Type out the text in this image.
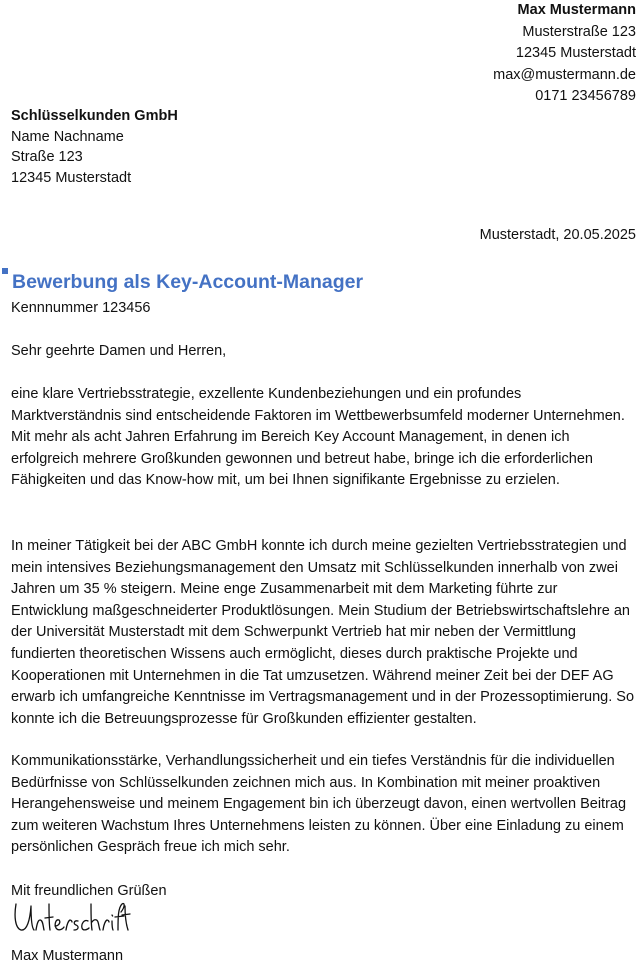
Max Mustermann
Musterstraße 123
12345 Musterstadt
max@mustermann.de
0171 23456789
Schlüsselkunden GmbH
Name Nachname
Straße 123
12345 Musterstadt
Musterstadt, 20.05.2025
Bewerbung als Key-Account-Manager
Kennnummer 123456
Sehr geehrte Damen und Herren,

eine klare Vertriebsstrategie, exzellente Kundenbeziehungen und ein profundes Marktverständnis sind entscheidende Faktoren im Wettbewerbsumfeld moderner Unternehmen. Mit mehr als acht Jahren Erfahrung im Bereich Key Account Management, in denen ich erfolgreich mehrere Großkunden gewonnen und betreut habe, bringe ich die erforderlichen Fähigkeiten und das Know-how mit, um bei Ihnen signifikante Ergebnisse zu erzielen.

In meiner Tätigkeit bei der ABC GmbH konnte ich durch meine gezielten Vertriebsstrategien und mein intensives Beziehungsmanagement den Umsatz mit Schlüsselkunden innerhalb von zwei Jahren um 35 % steigern. Meine enge Zusammenarbeit mit dem Marketing führte zur Entwicklung maßgeschneiderter Produktlösungen. Mein Studium der Betriebswirtschaftslehre an der Universität Musterstadt mit dem Schwerpunkt Vertrieb hat mir neben der Vermittlung fundierten theoretischen Wissens auch ermöglicht, dieses durch praktische Projekte und Kooperationen mit Unternehmen in die Tat umzusetzen. Während meiner Zeit bei der DEF AG erwarb ich umfangreiche Kenntnisse im Vertragsmanagement und in der Prozessoptimierung. So konnte ich die Betreuungsprozesse für Großkunden effizienter gestalten.

Kommunikationsstärke, Verhandlungssicherheit und ein tiefes Verständnis für die individuellen Bedürfnisse von Schlüsselkunden zeichnen mich aus. In Kombination mit meiner proaktiven Herangehensweise und meinem Engagement bin ich überzeugt davon, einen wertvollen Beitrag zum weiteren Wachstum Ihres Unternehmens leisten zu können. Über eine Einladung zu einem persönlichen Gespräch freue ich mich sehr.

Mit freundlichen Grüßen
Max Mustermann
